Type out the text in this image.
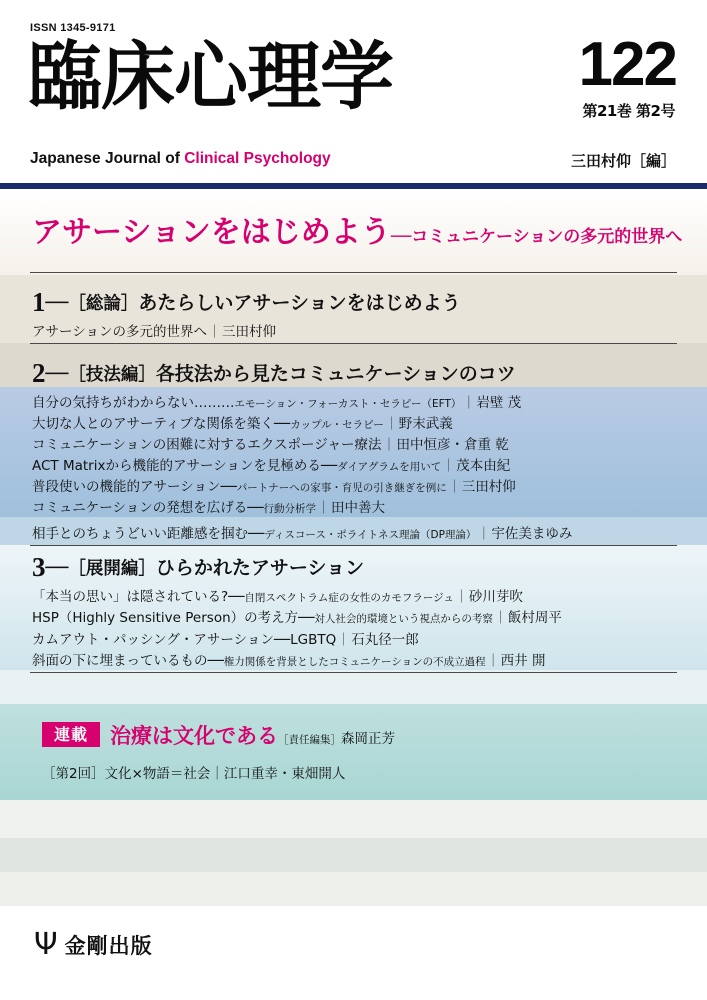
ISSN 1345-9171
臨床心理学	122
第21巻 第2号
Japanese Journal of Clinical Psychology	三田村仰［編］
アサーションをはじめよう──コミュニケーションの多元的世界へ
1──［総論］あたらしいアサーションをはじめよう
アサーションの多元的世界へ｜三田村仰
2──［技法編］各技法から見たコミュニケーションのコツ
自分の気持ちがわからない………エモーション・フォーカスト・セラピー（EFT）｜岩壁 茂
大切な人とのアサーティブな関係を築く──カップル・セラピー｜野末武義
コミュニケーションの困難に対するエクスポージャー療法｜田中恒彦・倉重 乾
ACT Matrixから機能的アサーションを見極める──ダイアグラムを用いて｜茂本由紀
普段使いの機能的アサーション──パートナーへの家事・育児の引き継ぎを例に｜三田村仰
コミュニケーションの発想を広げる──行動分析学｜田中善大
相手とのちょうどいい距離感を掴む──ディスコース・ポライトネス理論（DP理論）｜宇佐美まゆみ
3──［展開編］ひらかれたアサーション
「本当の思い」は隠されている?──自閉スペクトラム症の女性のカモフラージュ｜砂川芽吹
HSP（Highly Sensitive Person）の考え方──対人社会的環境という視点からの考察｜飯村周平
カムアウト・パッシング・アサーション──LGBTQ｜石丸径一郎
斜面の下に埋まっているもの──権力関係を背景としたコミュニケーションの不成立過程｜西井 開
連載	治療は文化である［責任編集］森岡正芳
［第2回］文化×物語＝社会｜江口重幸・東畑開人
Ψ 金剛出版
